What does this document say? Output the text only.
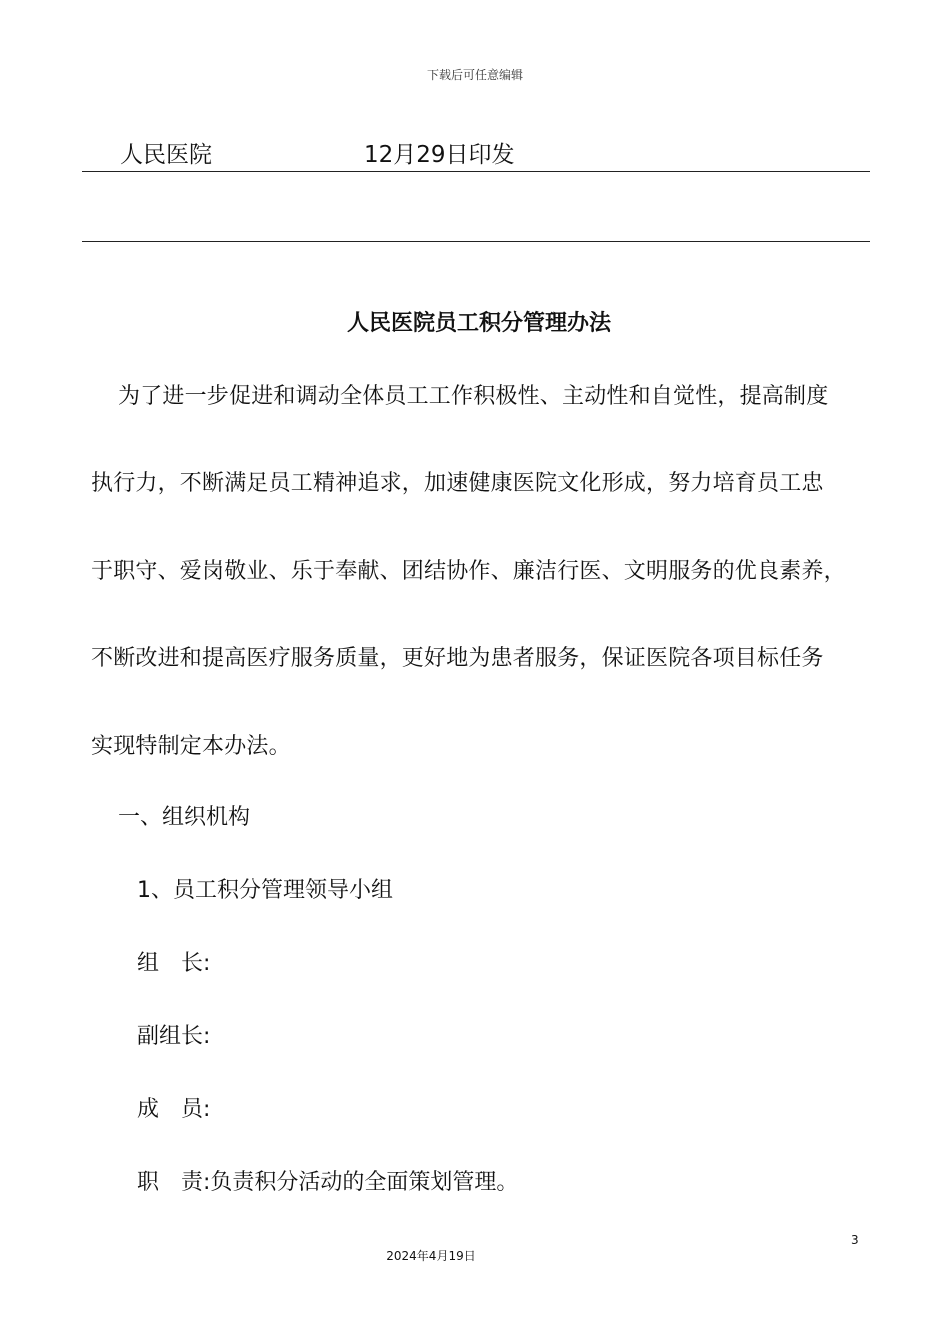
下载后可任意编辑
人民医院	12月29日印发
人民医院员工积分管理办法
为了进一步促进和调动全体员工工作积极性、主动性和自觉性，提高制度
执行力，不断满足员工精神追求，加速健康医院文化形成，努力培育员工忠
于职守、爱岗敬业、乐于奉献、团结协作、廉洁行医、文明服务的优良素养，
不断改进和提高医疗服务质量，更好地为患者服务，保证医院各项目标任务
实现特制定本办法。
一、组织机构
1、员工积分管理领导小组
组　长:
副组长:
成　员:
职　责:负责积分活动的全面策划管理。
3
2024年4月19日
